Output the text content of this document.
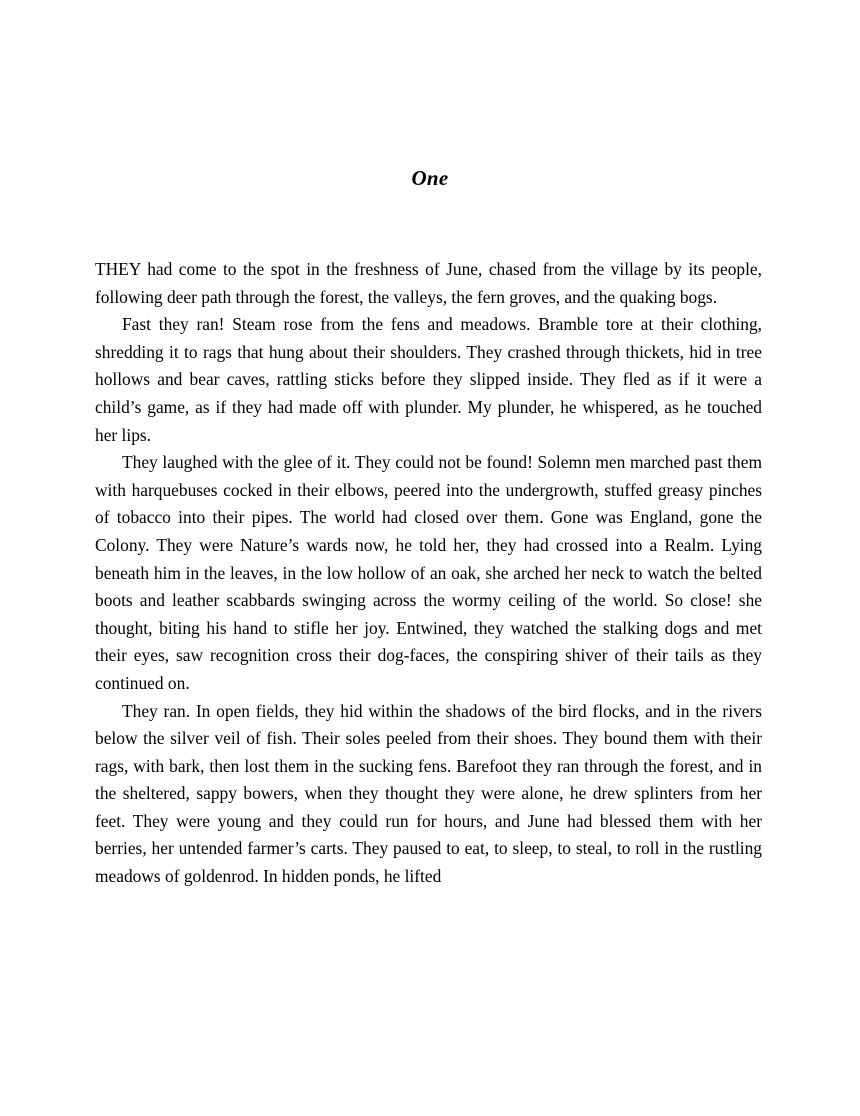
One

THEY had come to the spot in the freshness of June, chased from the village by its people, following deer path through the forest, the valleys, the fern groves, and the quaking bogs.

Fast they ran! Steam rose from the fens and meadows. Bramble tore at their clothing, shredding it to rags that hung about their shoulders. They crashed through thickets, hid in tree hollows and bear caves, rattling sticks before they slipped inside. They fled as if it were a child’s game, as if they had made off with plunder. My plunder, he whispered, as he touched her lips.

They laughed with the glee of it. They could not be found! Solemn men marched past them with harquebuses cocked in their elbows, peered into the undergrowth, stuffed greasy pinches of tobacco into their pipes. The world had closed over them. Gone was England, gone the Colony. They were Nature’s wards now, he told her, they had crossed into a Realm. Lying beneath him in the leaves, in the low hollow of an oak, she arched her neck to watch the belted boots and leather scabbards swinging across the wormy ceiling of the world. So close! she thought, biting his hand to stifle her joy. Entwined, they watched the stalking dogs and met their eyes, saw recognition cross their dog-faces, the conspiring shiver of their tails as they continued on.

They ran. In open fields, they hid within the shadows of the bird flocks, and in the rivers below the silver veil of fish. Their soles peeled from their shoes. They bound them with their rags, with bark, then lost them in the sucking fens. Barefoot they ran through the forest, and in the sheltered, sappy bowers, when they thought they were alone, he drew splinters from her feet. They were young and they could run for hours, and June had blessed them with her berries, her untended farmer’s carts. They paused to eat, to sleep, to steal, to roll in the rustling meadows of goldenrod. In hidden ponds, he lifted
